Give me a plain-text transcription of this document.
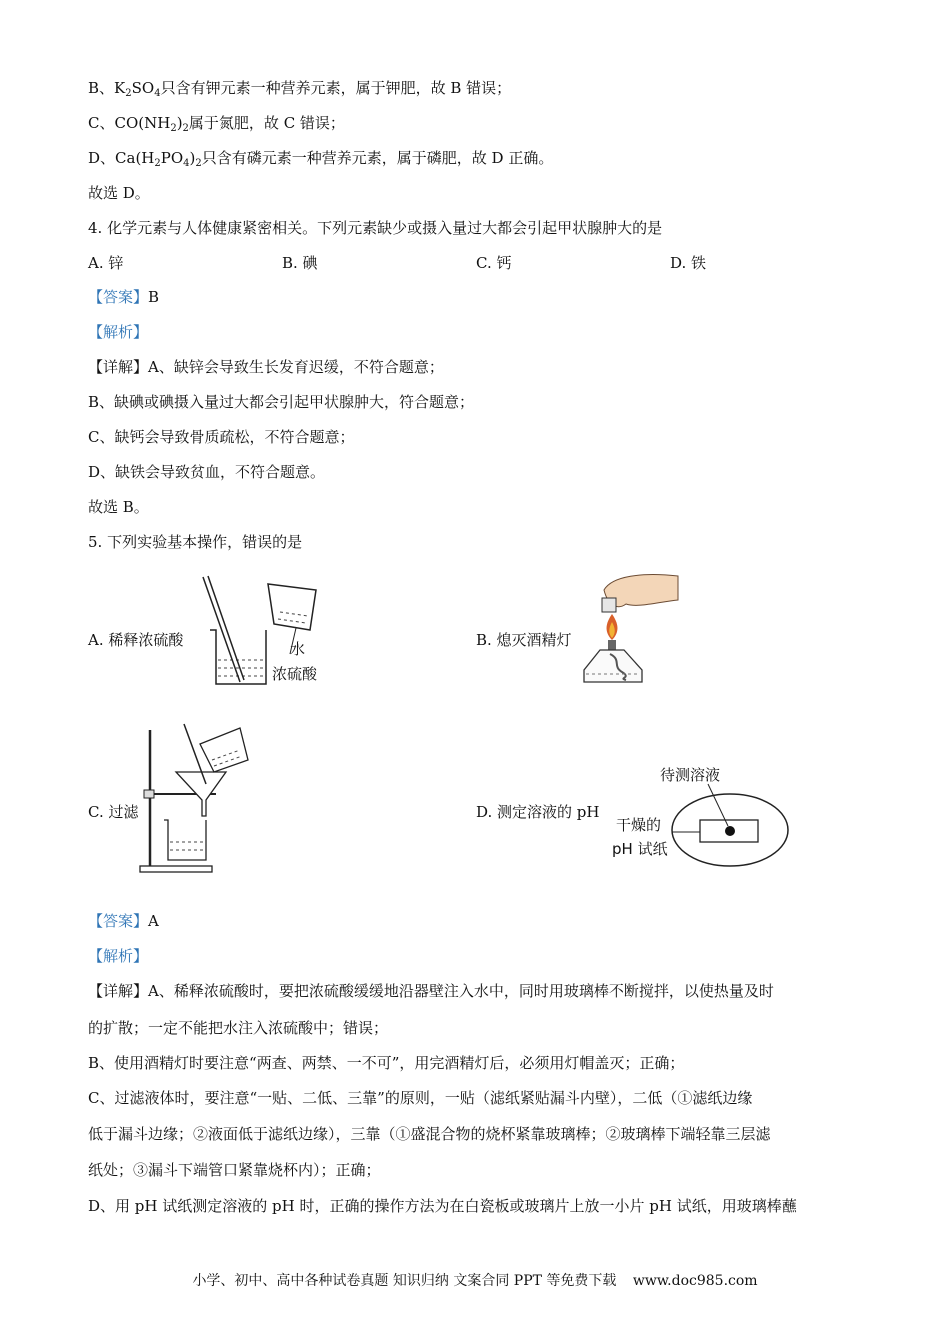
B、$K_2SO_4$只含有钾元素一种营养元素，属于钾肥，故 B 错误；
C、$CO(NH_2)_2$属于氮肥，故 C 错误；
D、$Ca(H_2PO_4)_2$只含有磷元素一种营养元素，属于磷肥，故 D 正确。
故选 D。
4. 化学元素与人体健康紧密相关。下列元素缺少或摄入量过大都会引起甲状腺肿大的是
A. 锌	B. 碘	C. 钙	D. 铁
【答案】B
【解析】
【详解】A、缺锌会导致生长发育迟缓，不符合题意；
B、缺碘或碘摄入量过大都会引起甲状腺肿大，符合题意；
C、缺钙会导致骨质疏松，不符合题意；
D、缺铁会导致贫血，不符合题意。
故选 B。
5. 下列实验基本操作，错误的是
A. 稀释浓硫酸	水
浓硫酸
B. 熄灭酒精灯
C. 过滤	D. 测定溶液的 pH
待测溶液
干燥的
pH 试纸
【答案】A
【解析】
【详解】A、稀释浓硫酸时，要把浓硫酸缓缓地沿器壁注入水中，同时用玻璃棒不断搅拌，以使热量及时
的扩散；一定不能把水注入浓硫酸中；错误；
B、使用酒精灯时要注意“两查、两禁、一不可”，用完酒精灯后，必须用灯帽盖灭；正确；
C、过滤液体时，要注意“一贴、二低、三靠”的原则，一贴（滤纸紧贴漏斗内壁），二低（①滤纸边缘
低于漏斗边缘；②液面低于滤纸边缘），三靠（①盛混合物的烧杯紧靠玻璃棒；②玻璃棒下端轻靠三层滤
纸处；③漏斗下端管口紧靠烧杯内）；正确；
D、用 pH 试纸测定溶液的 pH 时，正确的操作方法为在白瓷板或玻璃片上放一小片 pH 试纸，用玻璃棒蘸
小学、初中、高中各种试卷真题 知识归纳 文案合同 PPT 等免费下载 www.doc985.com
